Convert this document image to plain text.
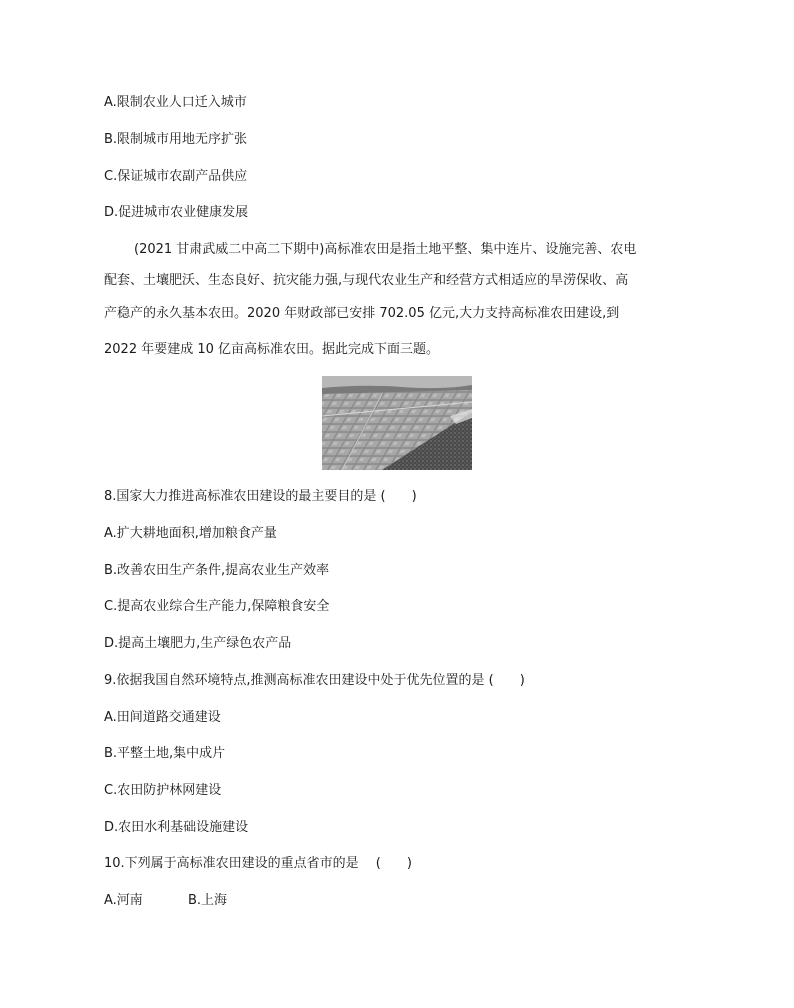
A.限制农业人口迁入城市
B.限制城市用地无序扩张
C.保证城市农副产品供应
D.促进城市农业健康发展
(2021 甘肃武威二中高二下期中)高标准农田是指土地平整、集中连片、设施完善、农电
配套、土壤肥沃、生态良好、抗灾能力强,与现代农业生产和经营方式相适应的旱涝保收、高
产稳产的永久基本农田。2020 年财政部已安排 702.05 亿元,大力支持高标准农田建设,到
2022 年要建成 10 亿亩高标准农田。据此完成下面三题。
8.国家大力推进高标准农田建设的最主要目的是 (　　)
A.扩大耕地面积,增加粮食产量
B.改善农田生产条件,提高农业生产效率
C.提高农业综合生产能力,保障粮食安全
D.提高土壤肥力,生产绿色农产品
9.依据我国自然环境特点,推测高标准农田建设中处于优先位置的是 (　　)
A.田间道路交通建设
B.平整土地,集中成片
C.农田防护林网建设
D.农田水利基础设施建设
10.下列属于高标准农田建设的重点省市的是　 (　　)
A.河南	B.上海
